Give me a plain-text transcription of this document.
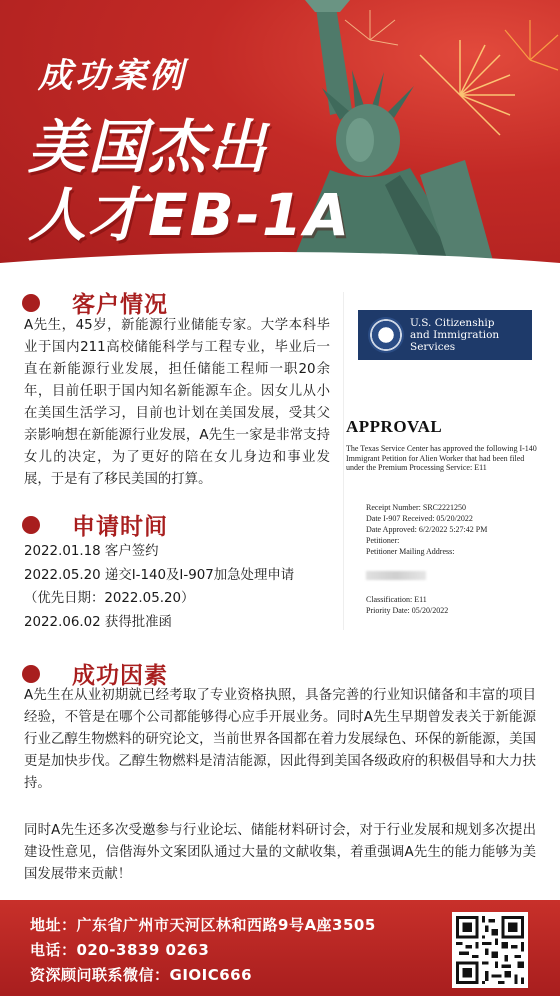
成功案例
美国杰出
人才EB-1A
客户情况
A先生，45岁，新能源行业储能专家。大学本科毕业于国内211高校储能科学与工程专业，毕业后一直在新能源行业发展，担任储能工程师一职20余年，目前任职于国内知名新能源车企。因女儿从小在美国生活学习，目前也计划在美国发展，受其父亲影响想在新能源行业发展，A先生一家是非常支持女儿的决定，为了更好的陪在女儿身边和事业发展，于是有了移民美国的打算。
申请时间
2022.01.18 客户签约
2022.05.20 递交I-140及I-907加急处理申请
（优先日期：2022.05.20）
2022.06.02 获得批准函
U.S. Citizenship
and Immigration
Services
APPROVAL
The Texas Service Center has approved the following I-140 Immigrant Petition for Alien Worker that had been filed under the Premium Processing Service: E11
Receipt Number: SRC2221250
Date I-907 Received: 05/20/2022
Date Approved: 6/2/2022 5:27:42 PM
Petitioner:
Petitioner Mailing Address:
Classification: E11
Priority Date: 05/20/2022
成功因素
A先生在从业初期就已经考取了专业资格执照，具备完善的行业知识储备和丰富的项目经验，不管是在哪个公司都能够得心应手开展业务。同时A先生早期曾发表关于新能源行业乙醇生物燃料的研究论文，当前世界各国都在着力发展绿色、环保的新能源，美国更是加快步伐。乙醇生物燃料是清洁能源，因此得到美国各级政府的积极倡导和大力扶持。
同时A先生还多次受邀参与行业论坛、储能材料研讨会，对于行业发展和规划多次提出建设性意见，信偕海外文案团队通过大量的文献收集，着重强调A先生的能力能够为美国发展带来贡献！
地址：广东省广州市天河区林和西路9号A座3505
电话：020-3839 0263
资深顾问联系微信：GIOIC666
